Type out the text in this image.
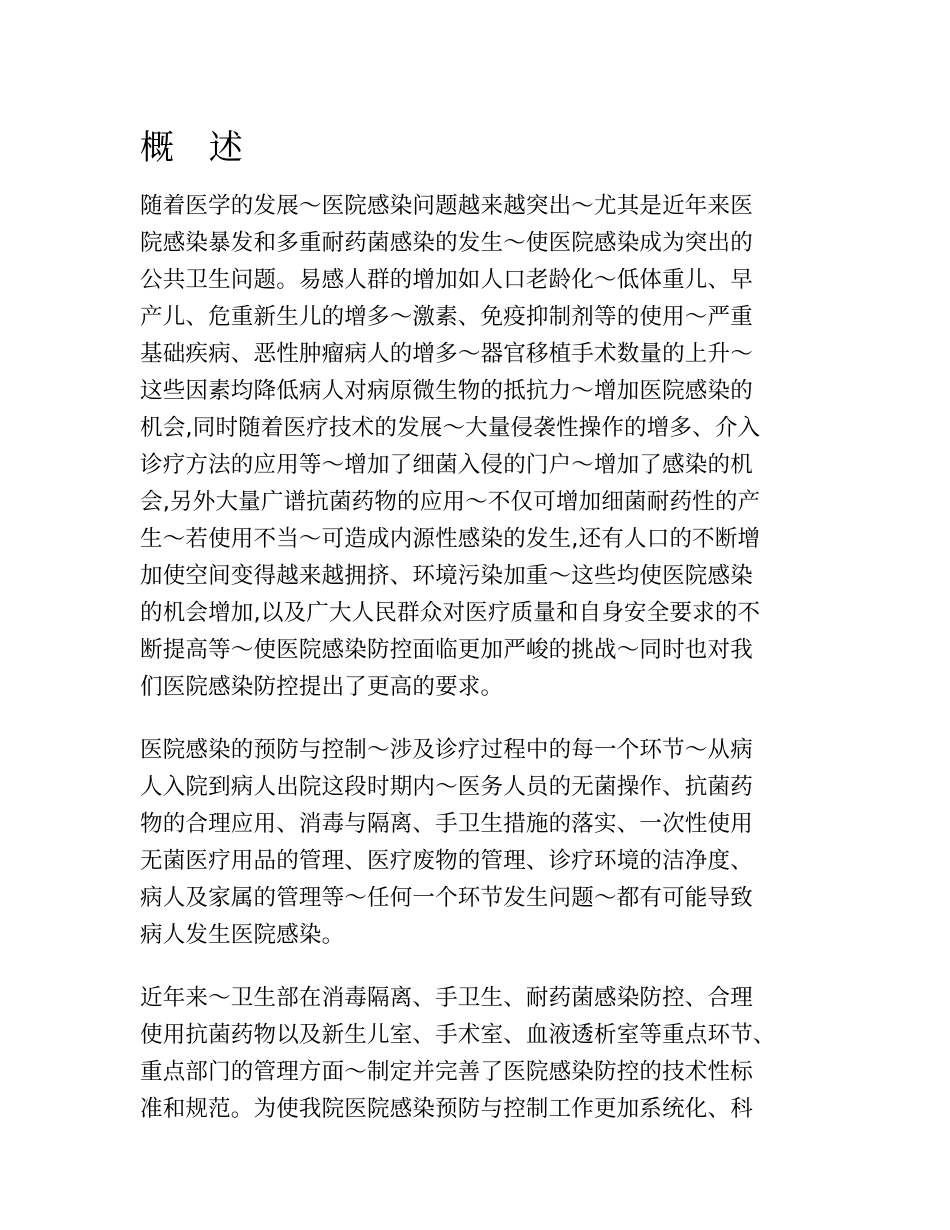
概 述
随着医学的发展～医院感染问题越来越突出～尤其是近年来医
院感染暴发和多重耐药菌感染的发生～使医院感染成为突出的
公共卫生问题。易感人群的增加如人口老龄化～低体重儿、早
产儿、危重新生儿的增多～激素、免疫抑制剂等的使用～严重
基础疾病、恶性肿瘤病人的增多～器官移植手术数量的上升～
这些因素均降低病人对病原微生物的抵抗力～增加医院感染的
机会,同时随着医疗技术的发展～大量侵袭性操作的增多、介入
诊疗方法的应用等～增加了细菌入侵的门户～增加了感染的机
会,另外大量广谱抗菌药物的应用～不仅可增加细菌耐药性的产
生～若使用不当～可造成内源性感染的发生,还有人口的不断增
加使空间变得越来越拥挤、环境污染加重～这些均使医院感染
的机会增加,以及广大人民群众对医疗质量和自身安全要求的不
断提高等～使医院感染防控面临更加严峻的挑战～同时也对我
们医院感染防控提出了更高的要求。
医院感染的预防与控制～涉及诊疗过程中的每一个环节～从病
人入院到病人出院这段时期内～医务人员的无菌操作、抗菌药
物的合理应用、消毒与隔离、手卫生措施的落实、一次性使用
无菌医疗用品的管理、医疗废物的管理、诊疗环境的洁净度、
病人及家属的管理等～任何一个环节发生问题～都有可能导致
病人发生医院感染。
近年来～卫生部在消毒隔离、手卫生、耐药菌感染防控、合理
使用抗菌药物以及新生儿室、手术室、血液透析室等重点环节、
重点部门的管理方面～制定并完善了医院感染防控的技术性标
准和规范。为使我院医院感染预防与控制工作更加系统化、科
